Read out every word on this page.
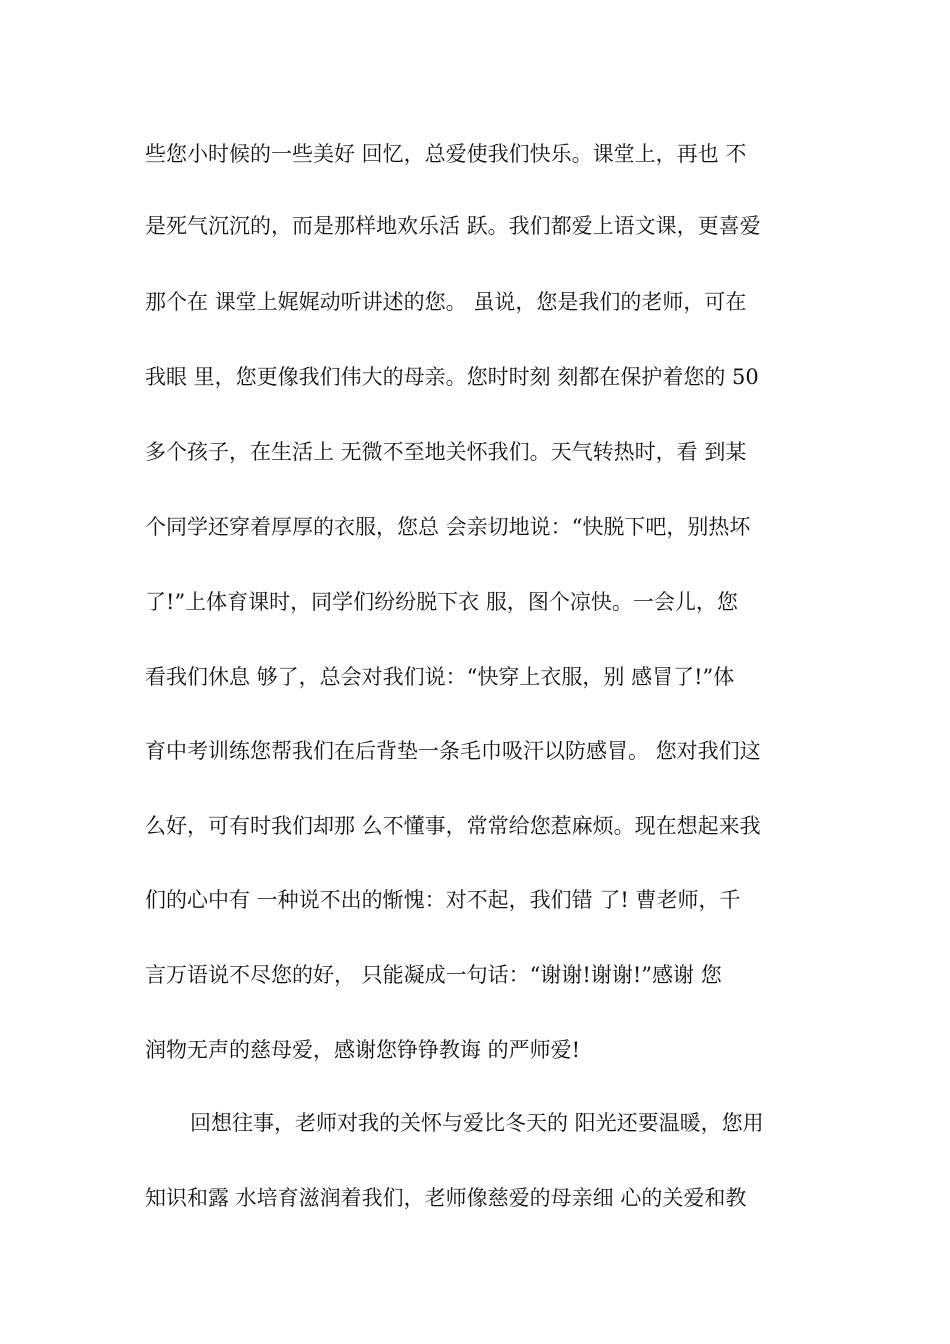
些您小时候的一些美好 回忆，总爱使我们快乐。课堂上，再也 不
是死气沉沉的，而是那样地欢乐活 跃。我们都爱上语文课，更喜爱
那个在 课堂上娓娓动听讲述的您。 虽说，您是我们的老师，可在
我眼 里，您更像我们伟大的母亲。您时时刻 刻都在保护着您的 50
多个孩子，在生活上 无微不至地关怀我们。天气转热时，看 到某
个同学还穿着厚厚的衣服，您总 会亲切地说：“快脱下吧，别热坏
了!”上体育课时，同学们纷纷脱下衣 服，图个凉快。一会儿，您
看我们休息 够了，总会对我们说：“快穿上衣服，别 感冒了!”体
育中考训练您帮我们在后背垫一条毛巾吸汗以防感冒。 您对我们这
么好，可有时我们却那 么不懂事，常常给您惹麻烦。现在想起来我
们的心中有 一种说不出的惭愧：对不起，我们错 了! 曹老师，千
言万语说不尽您的好， 只能凝成一句话：“谢谢!谢谢!”感谢 您
润物无声的慈母爱，感谢您铮铮教诲 的严师爱!
回想往事，老师对我的关怀与爱比冬天的 阳光还要温暖，您用
知识和露 水培育滋润着我们，老师像慈爱的母亲细 心的关爱和教
